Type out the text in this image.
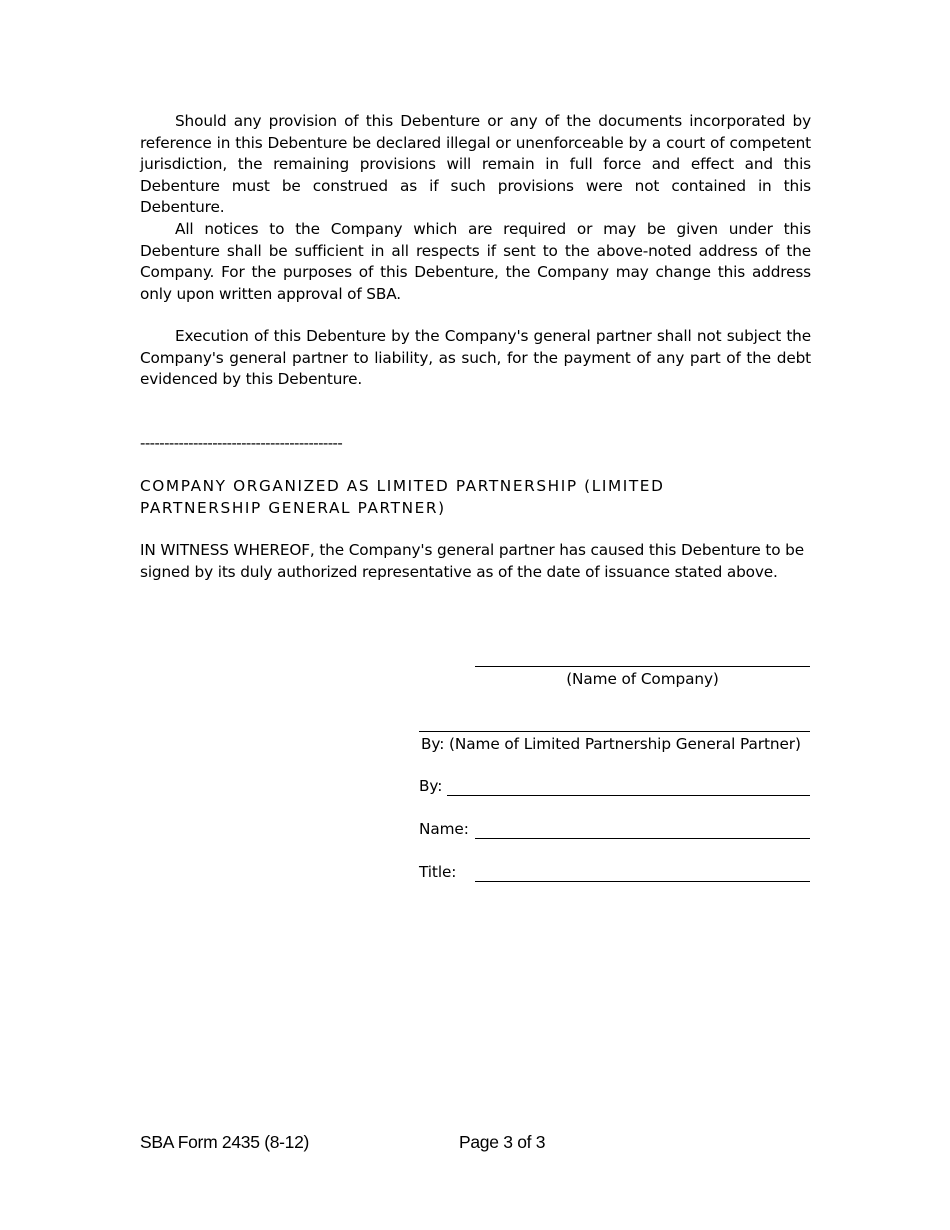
Should any provision of this Debenture or any of the documents incorporated by reference in this Debenture be declared illegal or unenforceable by a court of competent jurisdiction, the remaining provisions will remain in full force and effect and this Debenture must be construed as if such provisions were not contained in this Debenture.

All notices to the Company which are required or may be given under this Debenture shall be sufficient in all respects if sent to the above-noted address of the Company. For the purposes of this Debenture, the Company may change this address only upon written approval of SBA.

Execution of this Debenture by the Company's general partner shall not subject the Company's general partner to liability, as such, for the payment of any part of the debt evidenced by this Debenture.

------------------------------------------

COMPANY ORGANIZED AS LIMITED PARTNERSHIP (LIMITED PARTNERSHIP GENERAL PARTNER)

IN WITNESS WHEREOF, the Company's general partner has caused this Debenture to be signed by its duly authorized representative as of the date of issuance stated above.

(Name of Company)
By: (Name of Limited Partnership General Partner)
By:
Name:
Title:
SBA Form 2435 (8-12)	Page 3 of 3
